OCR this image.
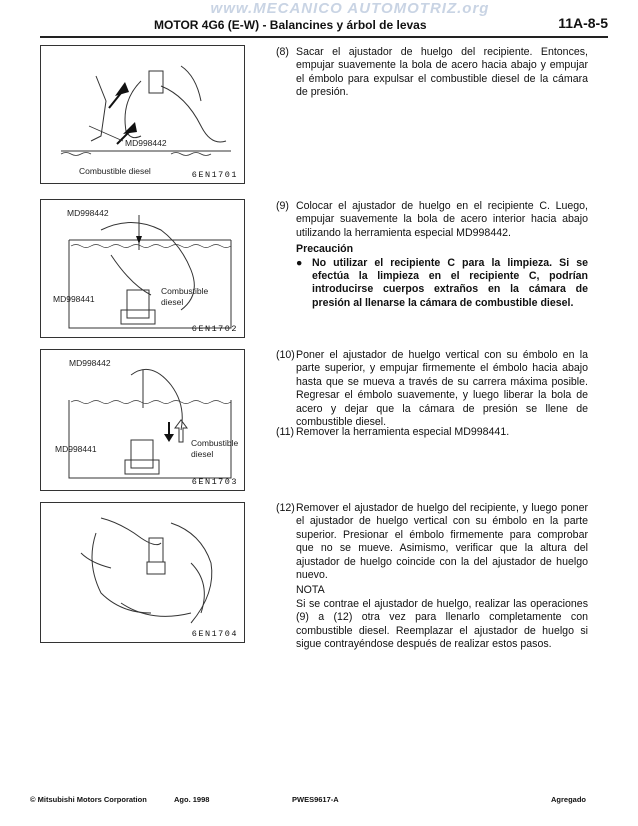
www.MECANICO AUTOMOTRIZ.org
MOTOR 4G6 (E-W) - Balancines y árbol de levas	11A-8-5
MD998442
Combustible diesel	6EN1701
MD998442
MD998441
Combustible
diesel
6EN1702
MD998442
MD998441
Combustible
diesel
6EN1703
6EN1704
(8) Sacar el ajustador de huelgo del recipiente. Entonces, empujar suavemente la bola de acero hacia abajo y empujar el émbolo para expulsar el combustible diesel de la cámara de presión.
(9) Colocar el ajustador de huelgo en el recipiente C. Luego, empujar suavemente la bola de acero interior hacia abajo utilizando la herramienta especial MD998442.
Precaución
● No utilizar el recipiente C para la limpieza. Si se efectúa la limpieza en el recipiente C, podrían introducirse cuerpos extraños en la cámara de presión al llenarse la cámara de combustible diesel.
(10) Poner el ajustador de huelgo vertical con su émbolo en la parte superior, y empujar firmemente el émbolo hacia abajo hasta que se mueva a través de su carrera máxima posible. Regresar el émbolo suavemente, y luego liberar la bola de acero y dejar que la cámara de presión se llene de combustible diesel.
(11) Remover la herramienta especial MD998441.
(12) Remover el ajustador de huelgo del recipiente, y luego poner el ajustador de huelgo vertical con su émbolo en la parte superior. Presionar el émbolo firmemente para comprobar que no se mueve. Asimismo, verificar que la altura del ajustador de huelgo coincide con la del ajustador de huelgo nuevo.
NOTA
Si se contrae el ajustador de huelgo, realizar las operaciones (9) a (12) otra vez para llenarlo completamente con combustible diesel. Reemplazar el ajustador de huelgo si sigue contrayéndose después de realizar estos pasos.
© Mitsubishi Motors Corporation	Ago. 1998	PWES9617-A	Agregado
